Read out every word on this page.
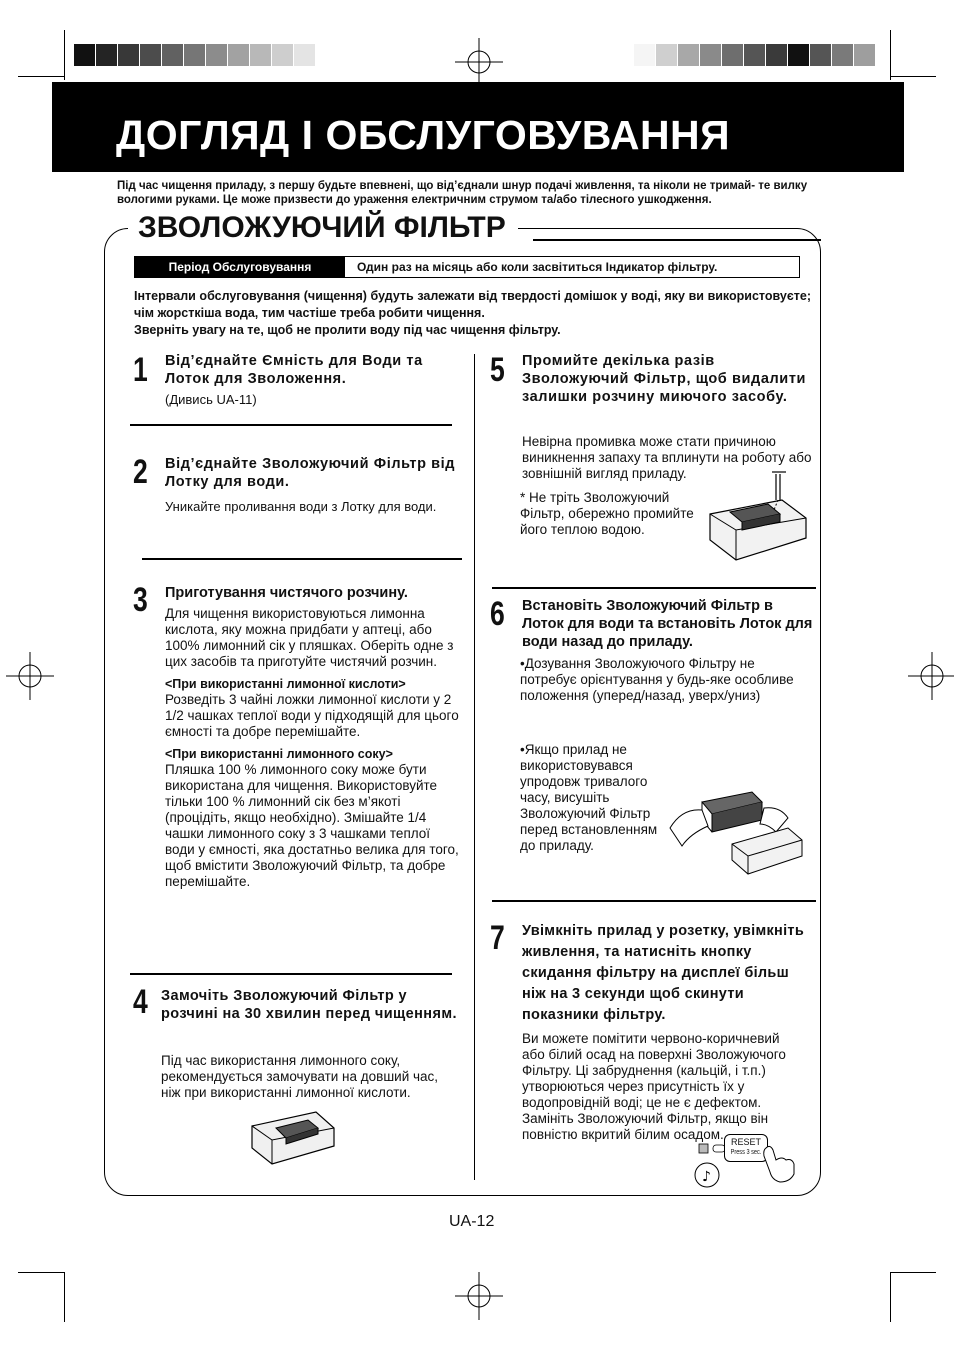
ДОГЛЯД І ОБСЛУГОВУВАННЯ
Під час чищення приладу, з першу будьте впевнені, що від’єднали шнур подачі живлення, та ніколи не тримай- те вилку вологими руками. Це може призвести до ураження електричним струмом та/або тілесного ушкодження.
ЗВОЛОЖУЮЧИЙ ФІЛЬТР
Період Обслуговування	Один раз на місяць або коли засвітиться Індикатор фільтру.
Інтервали обслуговування (чищення) будуть залежати від твердості домішок у воді, яку ви використовуєте; чім жорсткіша вода, тим частіше треба робити чищення.
Зверніть увагу на те, щоб не пролити воду під час чищення фільтру.
1 Від’єднайте Ємність для Води та Лоток для Зволоження.
(Дивись UA-11)
2 Від’єднайте Зволожуючий Фільтр від Лотку для води.
Уникайте проливання води з Лотку для води.
3 Приготування чистячого розчину.
Для чищення використовуються лимонна кислота, яку можна придбати у аптеці, або 100% лимонний сік у пляшках. Оберіть одне з цих засобів та приготуйте чистячий розчин.
<При використанні лимонної кислоти>
Розведіть 3 чайні ложки лимонної кислоти у 2 1/2 чашках теплої води у підходящій для цього ємності та добре перемішайте.
<При використанні лимонного соку>
Пляшка 100 % лимонного соку може бути використана для чищення. Використовуйте тільки 100 % лимонний сік без м’якоті (процідіть, якщо необхідно). Змішайте 1/4 чашки лимонного соку з 3 чашками теплої води у ємності, яка достатньо велика для того, щоб вмістити Зволожуючий Фільтр, та добре перемішайте.
4 Замочіть Зволожуючий Фільтр у розчині на 30 хвилин перед чищенням.
Під час використання лимонного соку, рекомендується замочувати на довший час, ніж при використанні лимонної кислоти.
5 Промийте декілька разів Зволожуючий Фільтр, щоб видалити залишки розчину миючого засобу.
Невірна промивка може стати причиною виникнення запаху та вплинути на роботу або зовнішній вигляд приладу.
* Не тріть Зволожуючий Фільтр, обережно промийте його теплою водою.
6 Встановіть Зволожуючий Фільтр в Лоток для води та встановіть Лоток для води назад до приладу.
•Дозування Зволожуючого Фільтру не потребує орієнтування у будь-яке особливе положення (уперед/назад, уверх/униз)
•Якщо прилад не використовувався упродовж тривалого часу, висушіть Зволожуючий Фільтр перед встановленням до приладу.
7 Увімкніть прилад у розетку, увімкніть живлення, та натисніть кнопку скидання фільтру на дисплеї більш ніж на 3 секунди щоб скинути показники фільтру.
Ви можете помітити червоно-коричневий або білий осад на поверхні Зволожуючого Фільтру. Ці забруднення (кальцій, і т.п.) утворюються через присутність їх у водопровідній воді; це не є дефектом. Замініть Зволожуючий Фільтр, якщо він повністю вкритий білим осадом. RESET
Press 3 sec.
♪
UA-12
